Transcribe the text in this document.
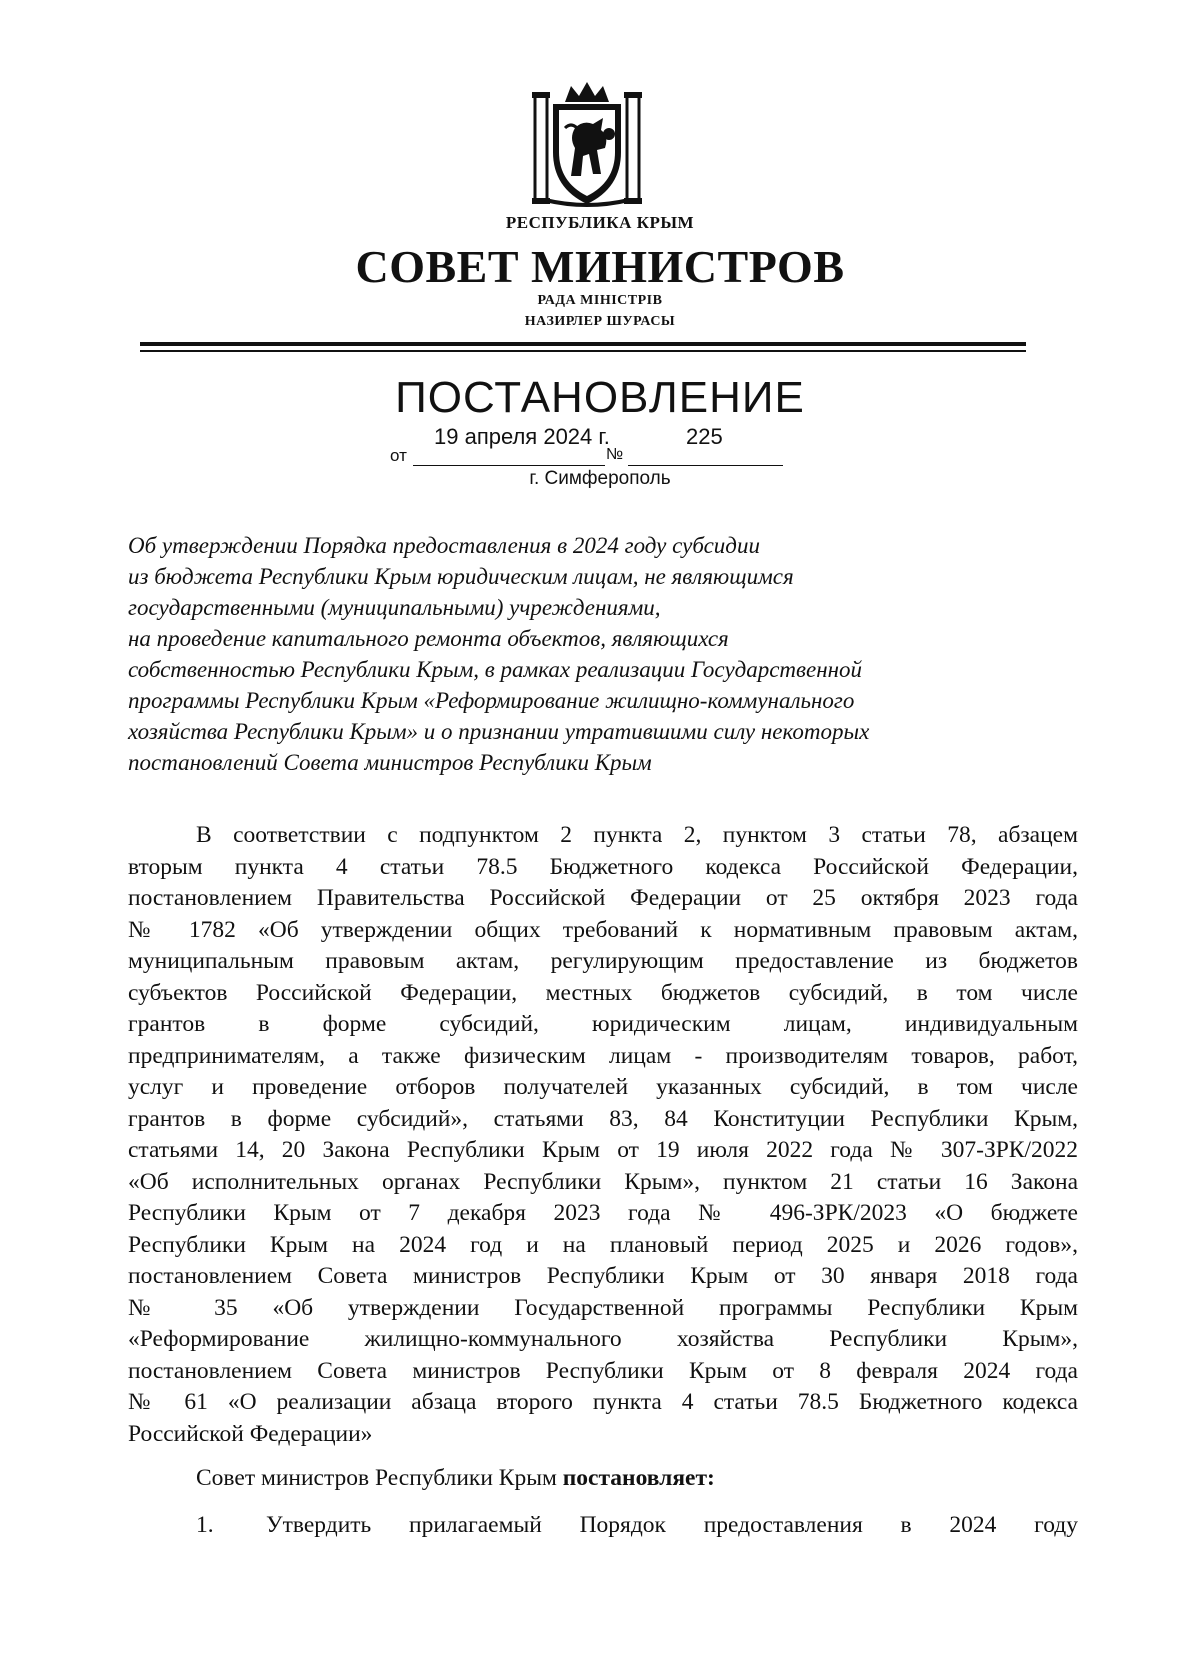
РЕСПУБЛИКА КРЫМ
СОВЕТ МИНИСТРОВ
РАДА МІНІСТРІВ
НАЗИРЛЕР ШУРАСЫ
ПОСТАНОВЛЕНИЕ
от
19 апреля 2024 г.
№
225
г. Симферополь
Об утверждении Порядка предоставления в 2024 году субсидии
из бюджета Республики Крым юридическим лицам, не являющимся
государственными (муниципальными) учреждениями,
на проведение капитального ремонта объектов, являющихся
собственностью Республики Крым, в рамках реализации Государственной
программы Республики Крым «Реформирование жилищно-коммунального
хозяйства Республики Крым» и о признании утратившими силу некоторых
постановлений Совета министров Республики Крым
В соответствии с подпунктом 2 пункта 2, пунктом 3 статьи 78, абзацем
вторым пункта 4 статьи 78.5 Бюджетного кодекса Российской Федерации,
постановлением Правительства Российской Федерации от 25 октября 2023 года
№ 1782 «Об утверждении общих требований к нормативным правовым актам,
муниципальным правовым актам, регулирующим предоставление из бюджетов
субъектов Российской Федерации, местных бюджетов субсидий, в том числе
грантов в форме субсидий, юридическим лицам, индивидуальным
предпринимателям, а также физическим лицам - производителям товаров, работ,
услуг и проведение отборов получателей указанных субсидий, в том числе
грантов в форме субсидий», статьями 83, 84 Конституции Республики Крым,
статьями 14, 20 Закона Республики Крым от 19 июля 2022 года № 307-ЗРК/2022
«Об исполнительных органах Республики Крым», пунктом 21 статьи 16 Закона
Республики Крым от 7 декабря 2023 года № 496-ЗРК/2023 «О бюджете
Республики Крым на 2024 год и на плановый период 2025 и 2026 годов»,
постановлением Совета министров Республики Крым от 30 января 2018 года
№ 35 «Об утверждении Государственной программы Республики Крым
«Реформирование жилищно-коммунального хозяйства Республики Крым»,
постановлением Совета министров Республики Крым от 8 февраля 2024 года
№ 61 «О реализации абзаца второго пункта 4 статьи 78.5 Бюджетного кодекса
Российской Федерации»
Совет министров Республики Крым постановляет:
1. Утвердить прилагаемый Порядок предоставления в 2024 году
